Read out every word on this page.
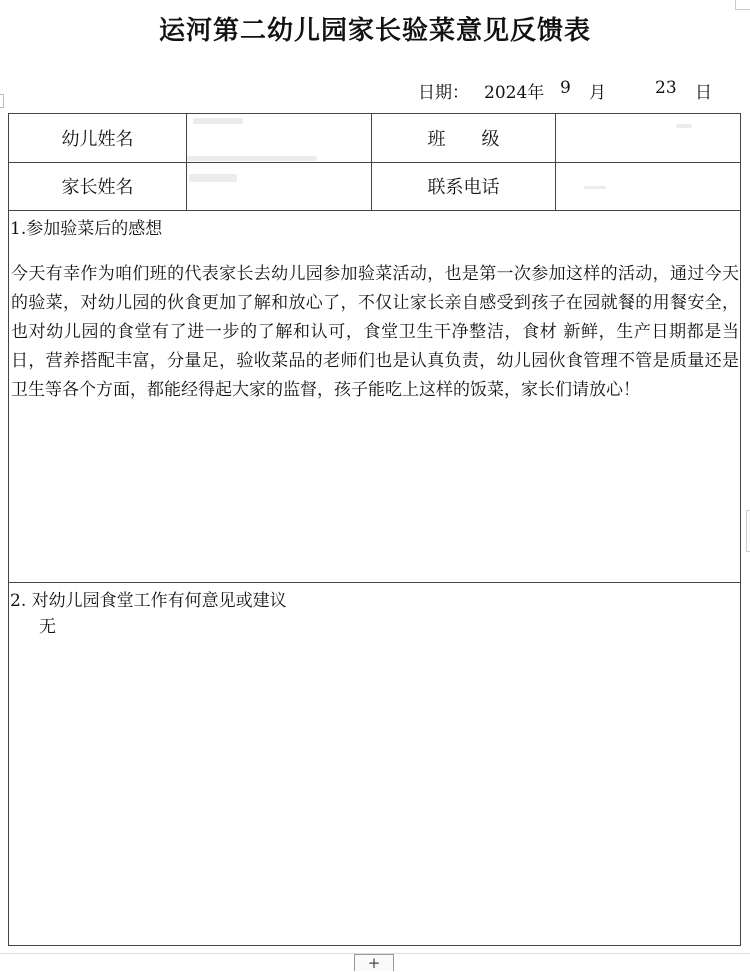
运河第二幼儿园家长验菜意见反馈表
日期： 2024年 9 月	23 日
幼儿姓名	班　　级
家长姓名	联系电话
1.参加验菜后的感想
今天有幸作为咱们班的代表家长去幼儿园参加验菜活动，也是第一次参加这样的活动，通过今天的验菜，对幼儿园的伙食更加了解和放心了，不仅让家长亲自感受到孩子在园就餐的用餐安全，也对幼儿园的食堂有了进一步的了解和认可，食堂卫生干净整洁，食材 新鲜，生产日期都是当日，营养搭配丰富，分量足，验收菜品的老师们也是认真负责，幼儿园伙食管理不管是质量还是卫生等各个方面，都能经得起大家的监督，孩子能吃上这样的饭菜，家长们请放心！
2. 对幼儿园食堂工作有何意见或建议
无
+
